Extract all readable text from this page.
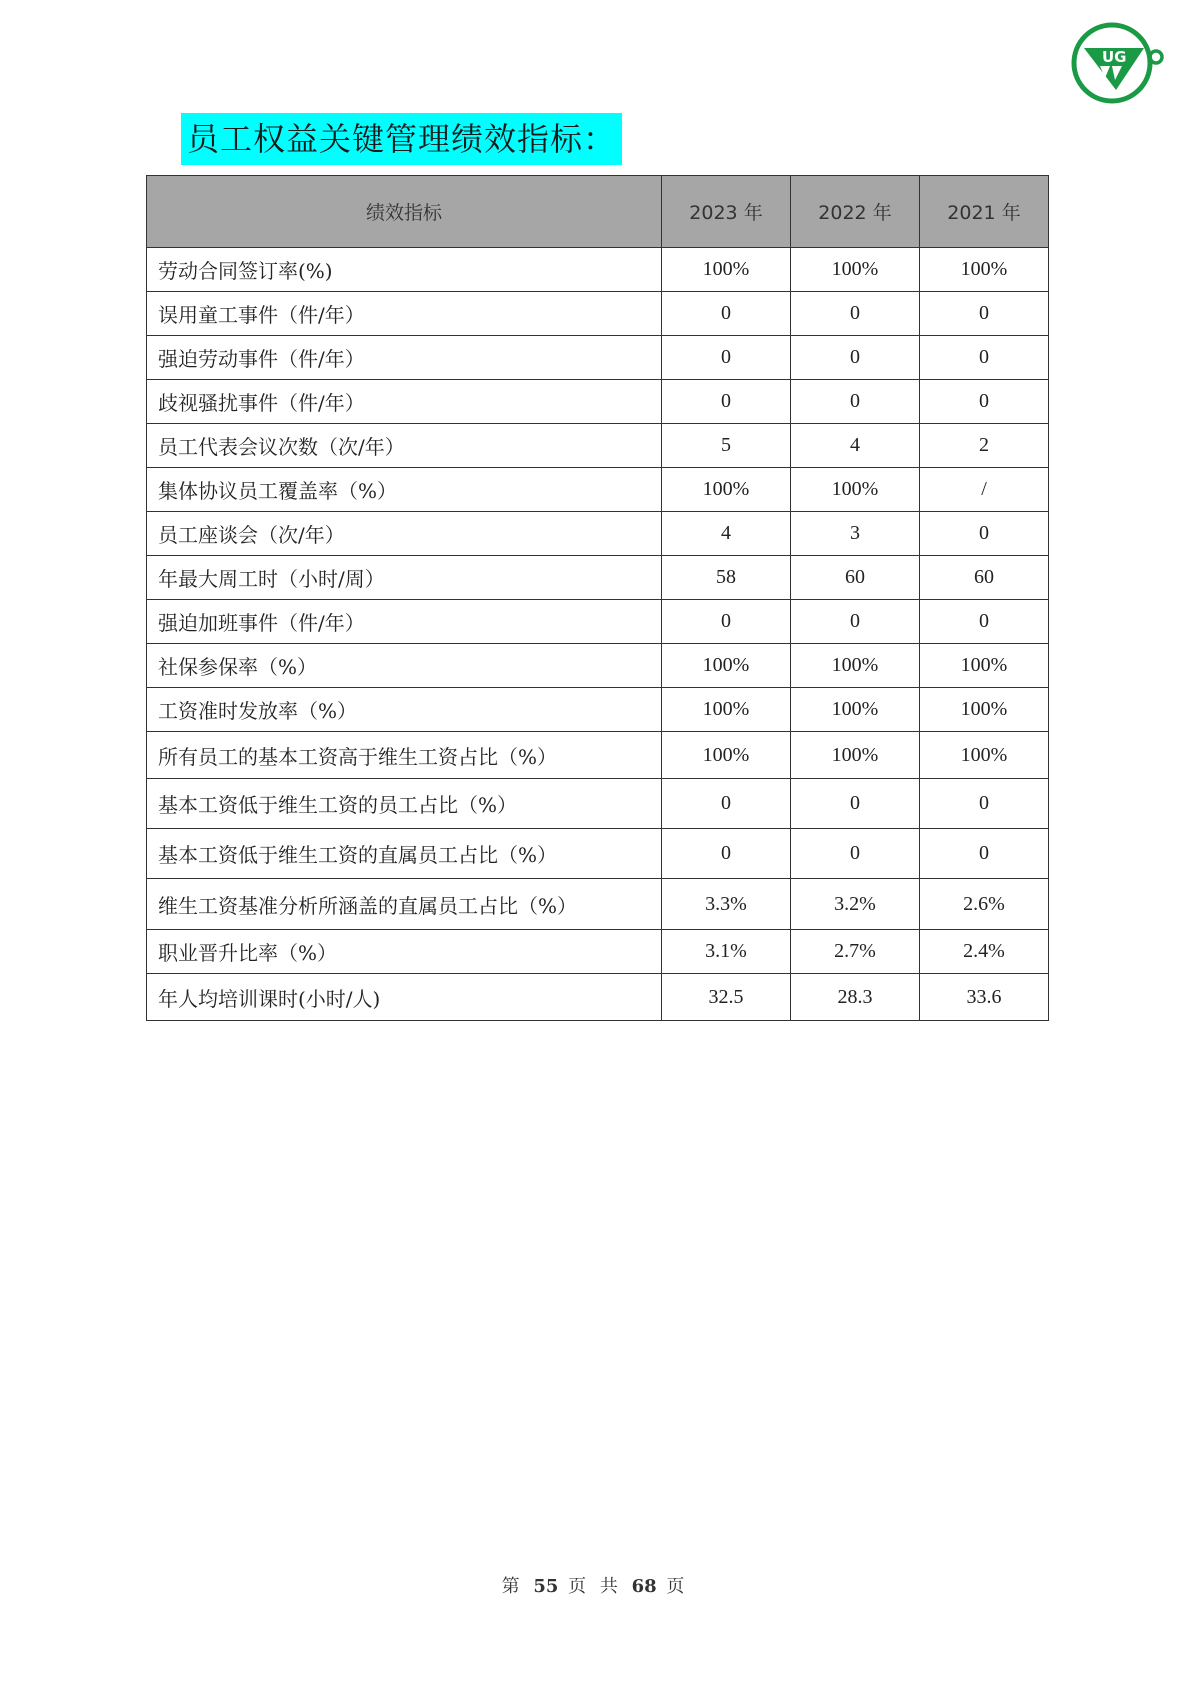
UG
员工权益关键管理绩效指标：
绩效指标	2023 年	2022 年	2021 年
劳动合同签订率(%)	100%	100%	100%
误用童工事件（件/年）	0	0	0
强迫劳动事件（件/年）	0	0	0
歧视骚扰事件（件/年）	0	0	0
员工代表会议次数（次/年）	5	4	2
集体协议员工覆盖率（%）	100%	100%	/
员工座谈会（次/年）	4	3	0
年最大周工时（小时/周）	58	60	60
强迫加班事件（件/年）	0	0	0
社保参保率（%）	100%	100%	100%
工资准时发放率（%）	100%	100%	100%
所有员工的基本工资高于维生工资占比（%）	100%	100%	100%
基本工资低于维生工资的员工占比（%）	0	0	0
基本工资低于维生工资的直属员工占比（%）	0	0	0
维生工资基准分析所涵盖的直属员工占比（%）	3.3%	3.2%	2.6%
职业晋升比率（%）	3.1%	2.7%	2.4%
年人均培训课时(小时/人)	32.5	28.3	33.6
第 55 页 共 68 页
